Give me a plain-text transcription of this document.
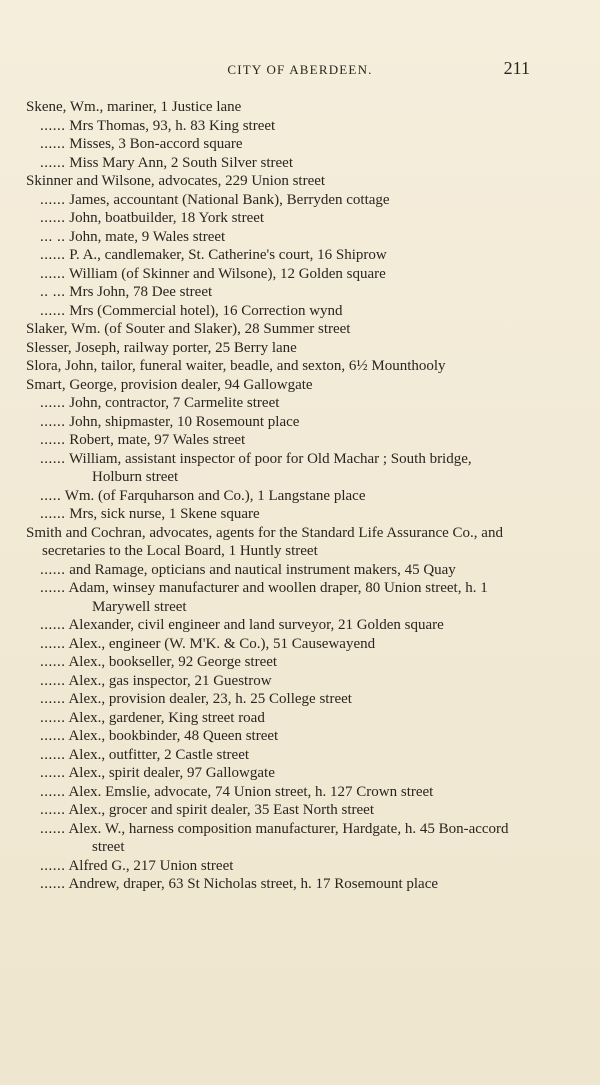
CITY OF ABERDEEN.	211

Skene, Wm., mariner, 1 Justice lane

...... Mrs Thomas, 93, h. 83 King street

...... Misses, 3 Bon-accord square

...... Miss Mary Ann, 2 South Silver street

Skinner and Wilsone, advocates, 229 Union street

...... James, accountant (National Bank), Berryden cottage

...... John, boatbuilder, 18 York street

... .. John, mate, 9 Wales street

...... P. A., candlemaker, St. Catherine's court, 16 Shiprow

...... William (of Skinner and Wilsone), 12 Golden square

.. ... Mrs John, 78 Dee street

...... Mrs (Commercial hotel), 16 Correction wynd

Slaker, Wm. (of Souter and Slaker), 28 Summer street

Slesser, Joseph, railway porter, 25 Berry lane

Slora, John, tailor, funeral waiter, beadle, and sexton, 6½ Mounthooly

Smart, George, provision dealer, 94 Gallowgate

...... John, contractor, 7 Carmelite street

...... John, shipmaster, 10 Rosemount place

...... Robert, mate, 97 Wales street

...... William, assistant inspector of poor for Old Machar ; South bridge, Holburn street

..... Wm. (of Farquharson and Co.), 1 Langstane place

...... Mrs, sick nurse, 1 Skene square

Smith and Cochran, advocates, agents for the Standard Life Assurance Co., and secretaries to the Local Board, 1 Huntly street

...... and Ramage, opticians and nautical instrument makers, 45 Quay

...... Adam, winsey manufacturer and woollen draper, 80 Union street, h. 1 Marywell street

...... Alexander, civil engineer and land surveyor, 21 Golden square

...... Alex., engineer (W. M'K. & Co.), 51 Causewayend

...... Alex., bookseller, 92 George street

...... Alex., gas inspector, 21 Guestrow

...... Alex., provision dealer, 23, h. 25 College street

...... Alex., gardener, King street road

...... Alex., bookbinder, 48 Queen street

...... Alex., outfitter, 2 Castle street

...... Alex., spirit dealer, 97 Gallowgate

...... Alex. Emslie, advocate, 74 Union street, h. 127 Crown street

...... Alex., grocer and spirit dealer, 35 East North street

...... Alex. W., harness composition manufacturer, Hardgate, h. 45 Bon-accord street

...... Alfred G., 217 Union street

...... Andrew, draper, 63 St Nicholas street, h. 17 Rosemount place
